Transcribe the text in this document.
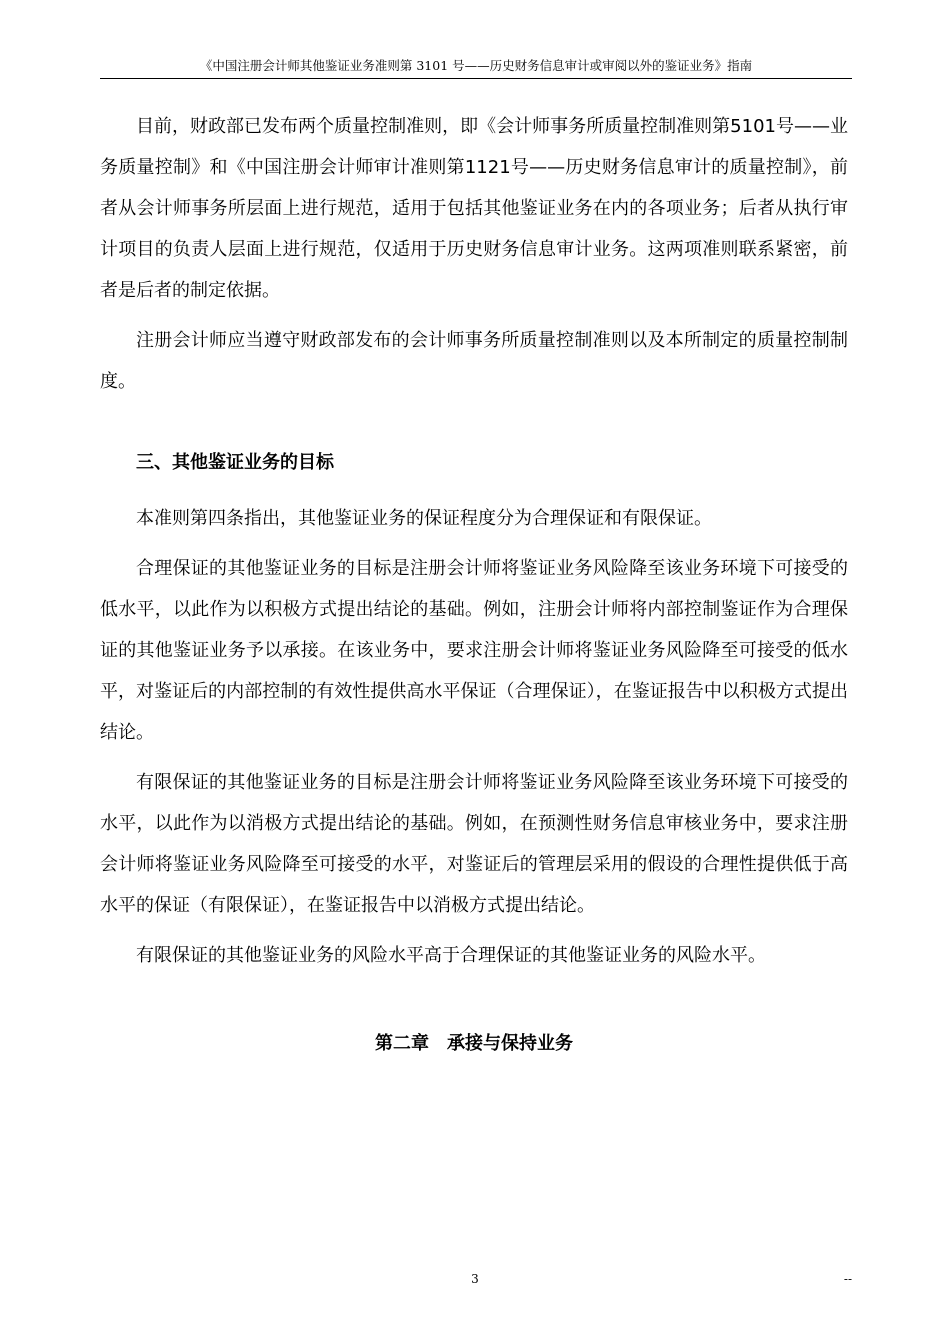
《中国注册会计师其他鉴证业务准则第 3101 号——历史财务信息审计或审阅以外的鉴证业务》指南

目前，财政部已发布两个质量控制准则，即《会计师事务所质量控制准则第5101号——业务质量控制》和《中国注册会计师审计准则第1121号——历史财务信息审计的质量控制》，前者从会计师事务所层面上进行规范，适用于包括其他鉴证业务在内的各项业务；后者从执行审计项目的负责人层面上进行规范，仅适用于历史财务信息审计业务。这两项准则联系紧密，前者是后者的制定依据。

注册会计师应当遵守财政部发布的会计师事务所质量控制准则以及本所制定的质量控制制度。

三、其他鉴证业务的目标

本准则第四条指出，其他鉴证业务的保证程度分为合理保证和有限保证。

合理保证的其他鉴证业务的目标是注册会计师将鉴证业务风险降至该业务环境下可接受的低水平，以此作为以积极方式提出结论的基础。例如，注册会计师将内部控制鉴证作为合理保证的其他鉴证业务予以承接。在该业务中，要求注册会计师将鉴证业务风险降至可接受的低水平，对鉴证后的内部控制的有效性提供高水平保证（合理保证），在鉴证报告中以积极方式提出结论。

有限保证的其他鉴证业务的目标是注册会计师将鉴证业务风险降至该业务环境下可接受的水平，以此作为以消极方式提出结论的基础。例如，在预测性财务信息审核业务中，要求注册会计师将鉴证业务风险降至可接受的水平，对鉴证后的管理层采用的假设的合理性提供低于高水平的保证（有限保证），在鉴证报告中以消极方式提出结论。

有限保证的其他鉴证业务的风险水平高于合理保证的其他鉴证业务的风险水平。

第二章　承接与保持业务
3	--
